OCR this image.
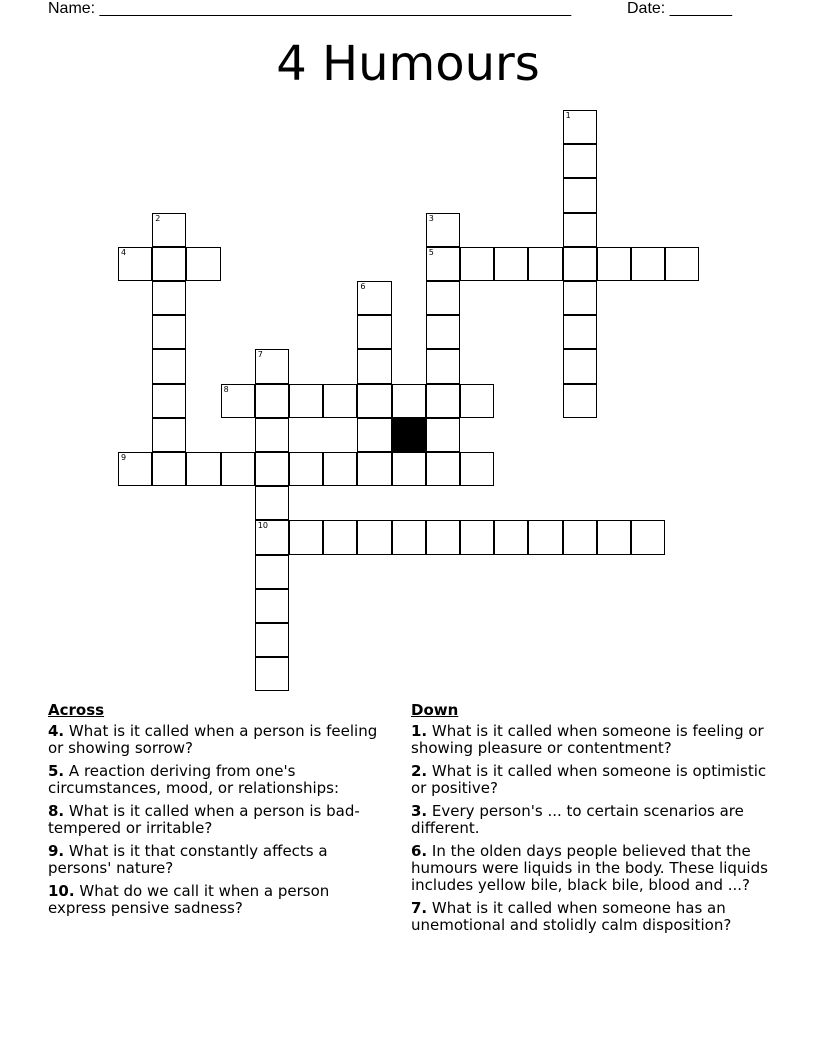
Name: _____________________________________________________	Date: _______
4 Humours
1
2	3
5
4
6
7
10
8
9
Across
4. What is it called when a person is feeling or showing sorrow?
5. A reaction deriving from one's circumstances, mood, or relationships:
8. What is it called when a person is bad-tempered or irritable?
9. What is it that constantly affects a persons' nature?
10. What do we call it when a person express pensive sadness?
Down
1. What is it called when someone is feeling or showing pleasure or contentment?
2. What is it called when someone is optimistic or positive?
3. Every person's ... to certain scenarios are different.
6. In the olden days people believed that the humours were liquids in the body. These liquids includes yellow bile, black bile, blood and ...?
7. What is it called when someone has an unemotional and stolidly calm disposition?
